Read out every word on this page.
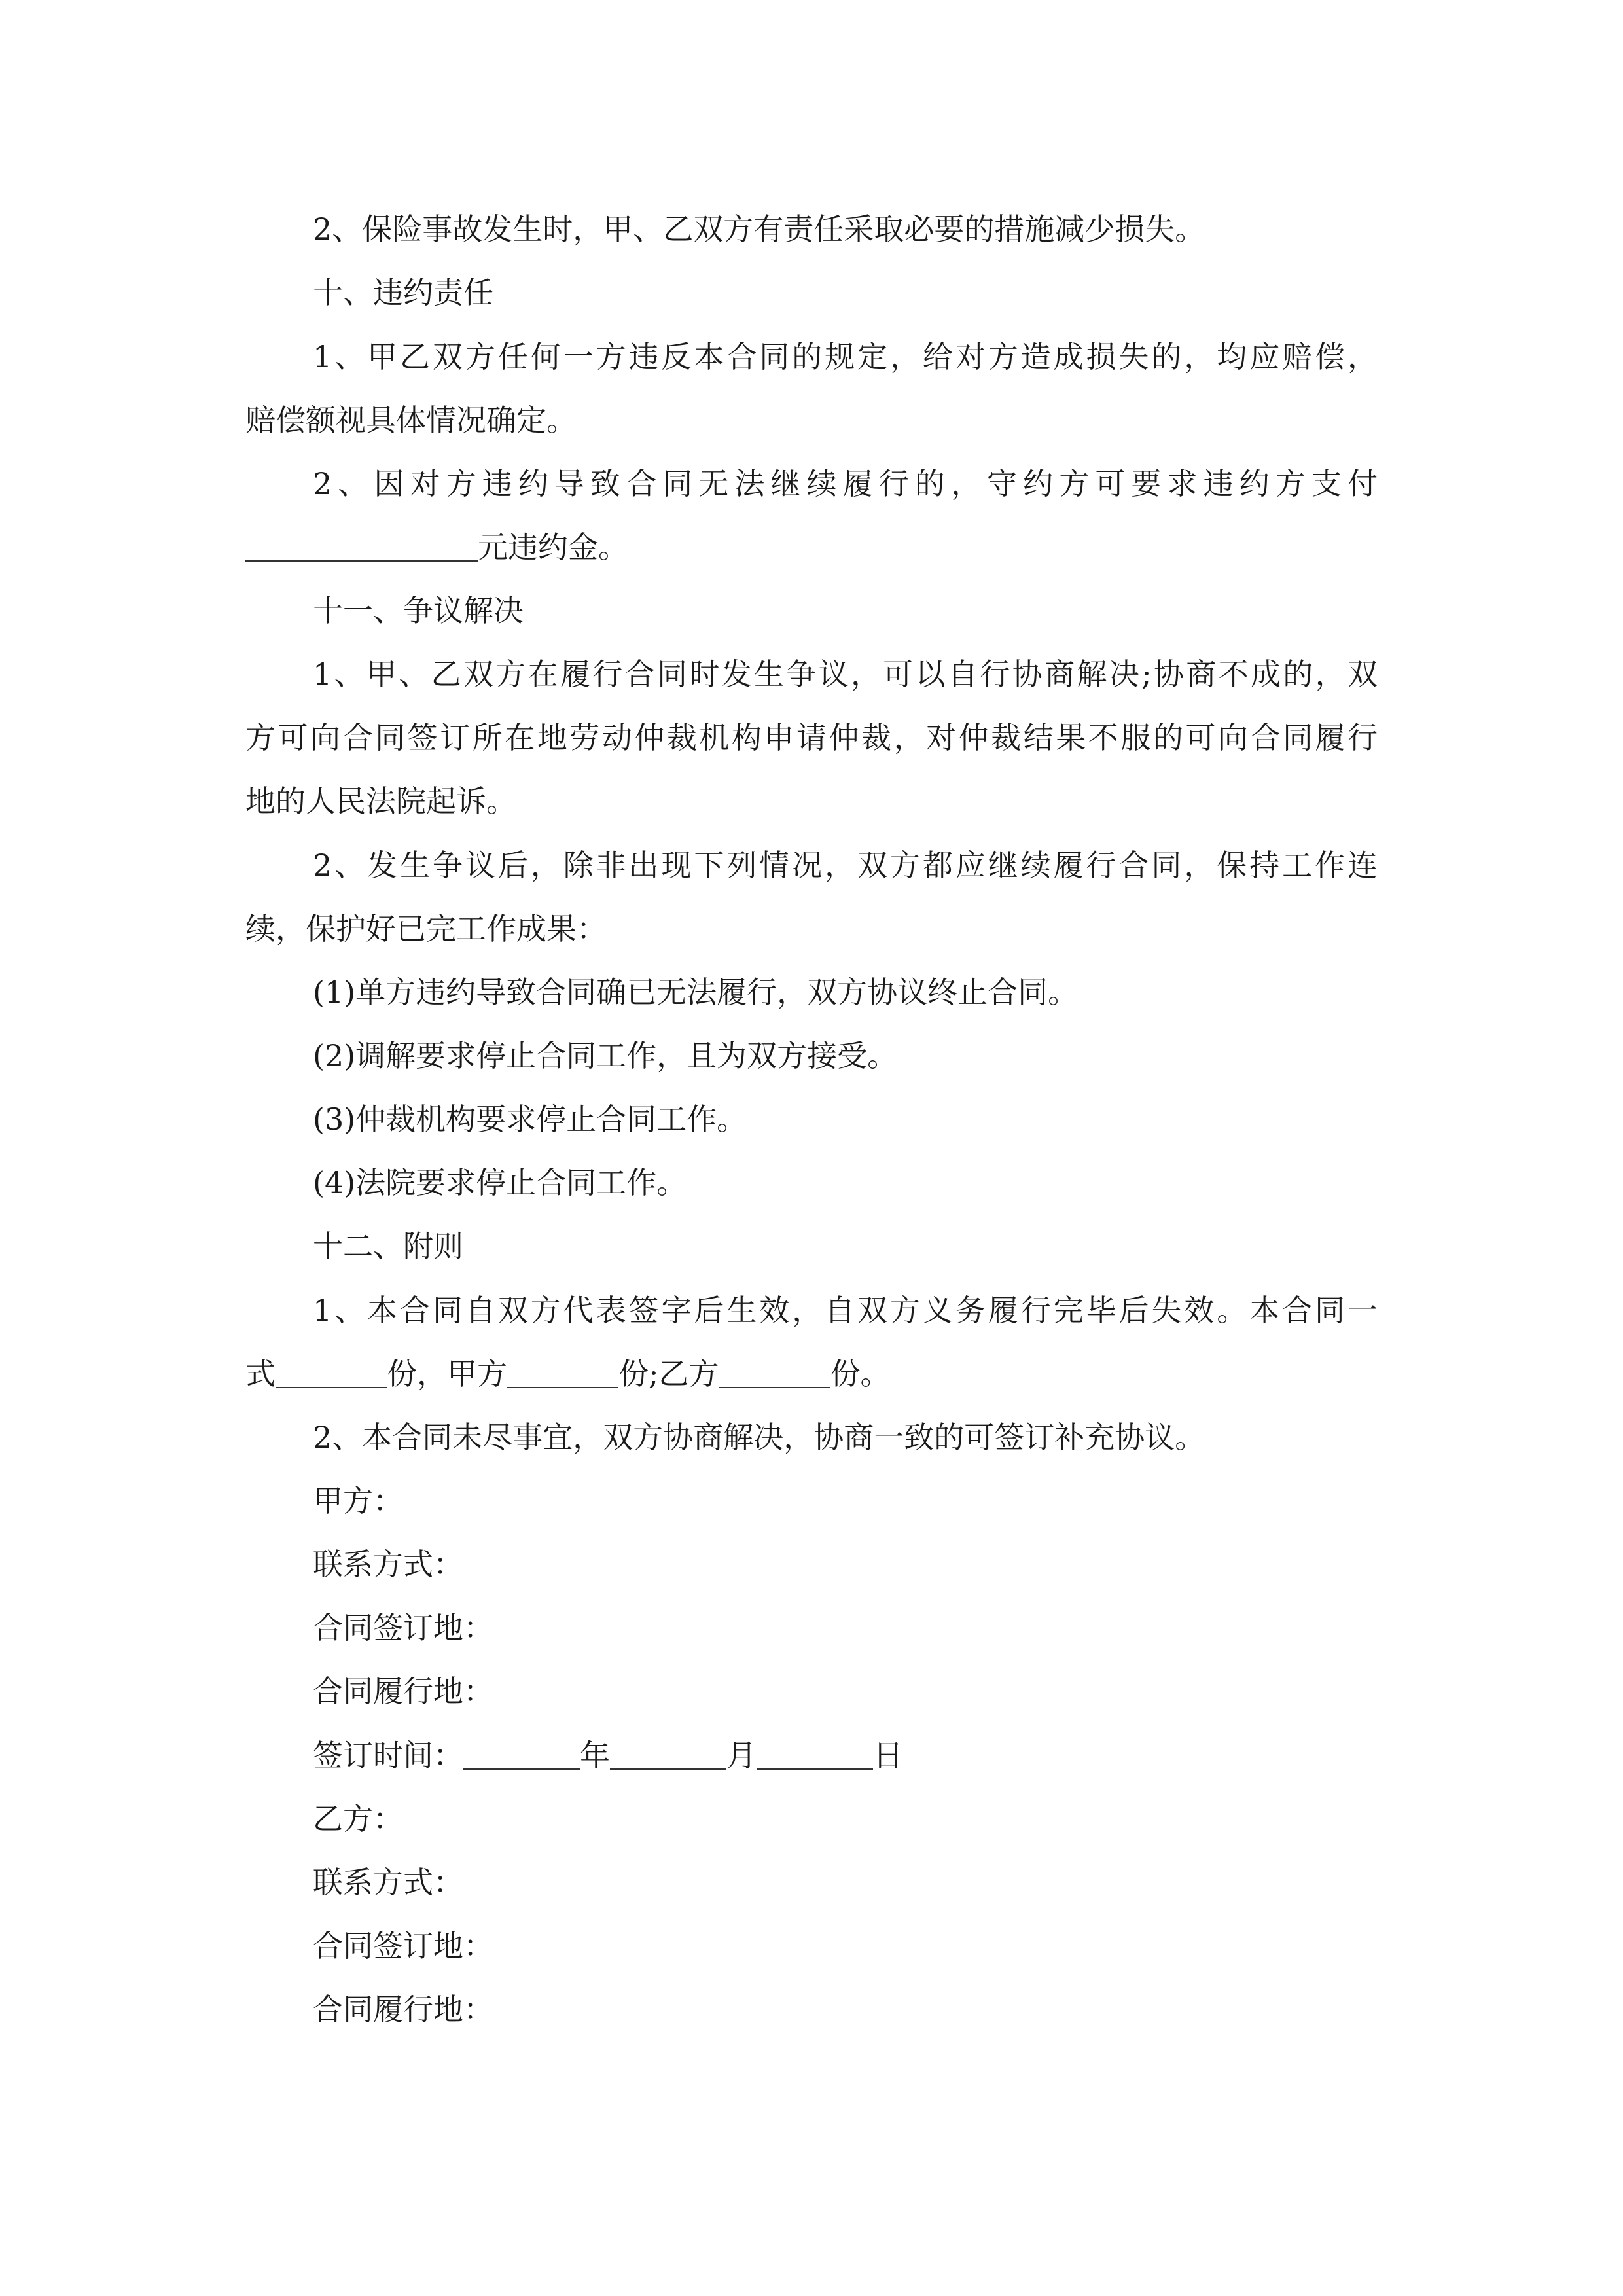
2、保险事故发生时，甲、乙双方有责任采取必要的措施减少损失。
十、违约责任
1、甲乙双方任何一方违反本合同的规定，给对方造成损失的，均应赔偿，
赔偿额视具体情况确定。
2、因对方违约导致合同无法继续履行的，守约方可要求违约方支付
元违约金。
十一、争议解决
1、甲、乙双方在履行合同时发生争议，可以自行协商解决;协商不成的，双
方可向合同签订所在地劳动仲裁机构申请仲裁，对仲裁结果不服的可向合同履行
地的人民法院起诉。
2、发生争议后，除非出现下列情况，双方都应继续履行合同，保持工作连
续，保护好已完工作成果：
(1)单方违约导致合同确已无法履行，双方协议终止合同。
(2)调解要求停止合同工作，且为双方接受。
(3)仲裁机构要求停止合同工作。
(4)法院要求停止合同工作。
十二、附则
1、本合同自双方代表签字后生效，自双方义务履行完毕后失效。本合同一
式	份，甲方	份;乙方	份。
2、本合同未尽事宜，双方协商解决，协商一致的可签订补充协议。
甲方：
联系方式：
合同签订地：
合同履行地：
签订时间：	年	月	日
乙方：
联系方式：
合同签订地：
合同履行地：
